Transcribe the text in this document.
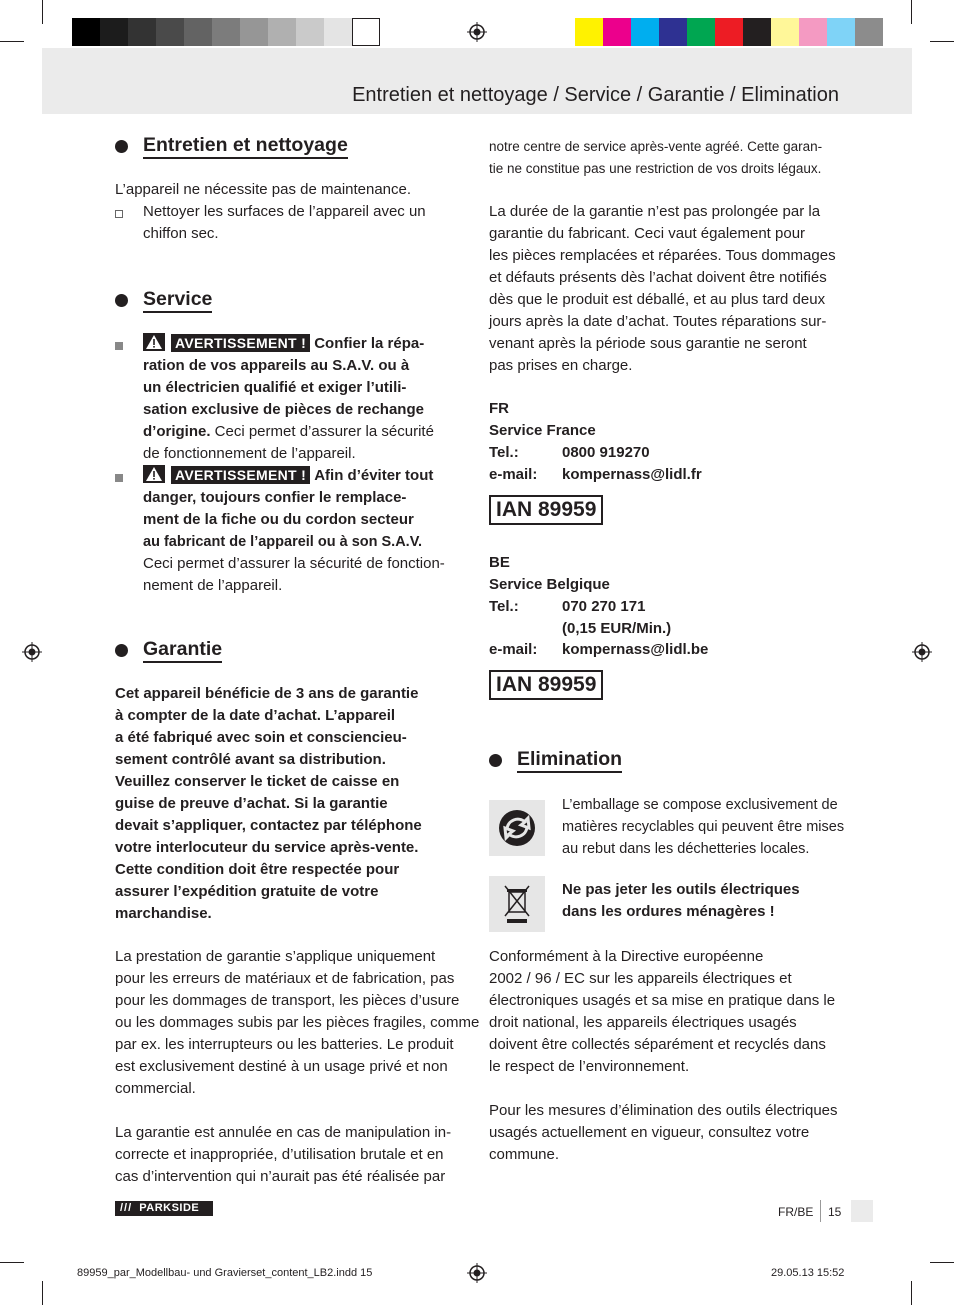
Entretien et nettoyage / Service / Garantie / Elimination
Entretien et nettoyage
L’appareil ne nécessite pas de maintenance.
Nettoyer les surfaces de l’appareil avec un
chiffon sec.
Service
AVERTISSEMENT ! Confier la répa-
ration de vos appareils au S.A.V. ou à
un électricien qualifié et exiger l’utili-
sation exclusive de pièces de rechange
d’origine. Ceci permet d’assurer la sécurité
de fonctionnement de l’appareil.
AVERTISSEMENT ! Afin d’éviter tout
danger, toujours confier le remplace-
ment de la fiche ou du cordon secteur
au fabricant de l’appareil ou à son S.A.V.
Ceci permet d’assurer la sécurité de fonction-
nement de l’appareil.
Garantie
Cet appareil bénéficie de 3 ans de garantie
à compter de la date d’achat. L’appareil
a été fabriqué avec soin et consciencieu-
sement contrôlé avant sa distribution.
Veuillez conserver le ticket de caisse en
guise de preuve d’achat. Si la garantie
devait s’appliquer, contactez par téléphone
votre interlocuteur du service après-vente.
Cette condition doit être respectée pour
assurer l’expédition gratuite de votre
marchandise.
La prestation de garantie s’applique uniquement
pour les erreurs de matériaux et de fabrication, pas
pour les dommages de transport, les pièces d’usure
ou les dommages subis par les pièces fragiles, comme
par ex. les interrupteurs ou les batteries. Le produit
est exclusivement destiné à un usage privé et non
commercial.
La garantie est annulée en cas de manipulation in-
correcte et inappropriée, d’utilisation brutale et en
cas d’intervention qui n’aurait pas été réalisée par
notre centre de service après-vente agréé. Cette garan-
tie ne constitue pas une restriction de vos droits légaux.
La durée de la garantie n’est pas prolongée par la
garantie du fabricant. Ceci vaut également pour
les pièces remplacées et réparées. Tous dommages
et défauts présents dès l’achat doivent être notifiés
dès que le produit est déballé, et au plus tard deux
jours après la date d’achat. Toutes réparations sur-
venant après la période sous garantie ne seront
pas prises en charge.
FR
Service France
Tel.:	0800 919270
e-mail: kompernass@lidl.fr
IAN 89959
BE
Service Belgique
Tel.:	070 270 171
(0,15 EUR/Min.)
e-mail: kompernass@lidl.be
IAN 89959
Elimination
L’emballage se compose exclusivement de
matières recyclables qui peuvent être mises
au rebut dans les déchetteries locales.
Ne pas jeter les outils électriques
dans les ordures ménagères !
Conformément à la Directive européenne
2002 / 96 / EC sur les appareils électriques et
électroniques usagés et sa mise en pratique dans le
droit national, les appareils électriques usagés
doivent être collectés séparément et recyclés dans
le respect de l’environnement.
Pour les mesures d’élimination des outils électriques
usagés actuellement en vigueur, consultez votre
commune.
/// PARKSIDE	FR/BE 15
89959_par_Modellbau- und Gravierset_content_LB2.indd 15	29.05.13 15:52
